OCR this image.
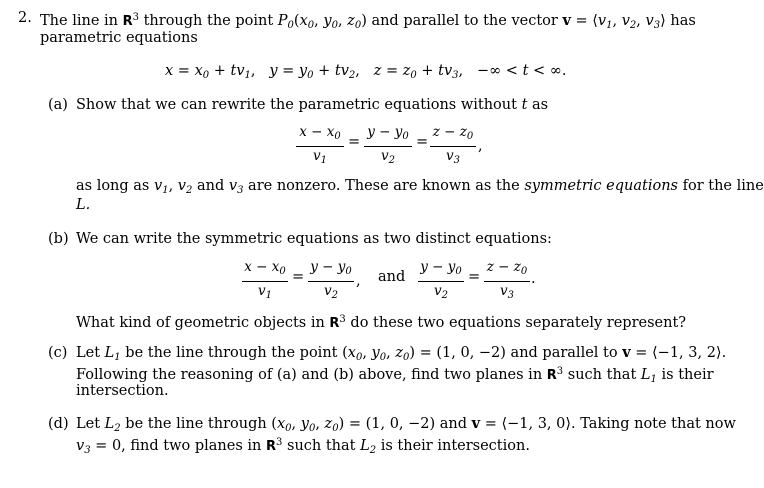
2. The line in $R^3$ through the point $P_0(x_0$, $y_0$, $z_0$) and parallel to the vector $v = ⟨v_1$, $v_2$, $v_3⟩$ has
parametric equations
$x = x_0 + tv_1$,   $y = y_0 + tv_2$,   $z = z_0 + tv_3$,   −∞ < t < ∞.
(a) Show that we can rewrite the parametric equations without t as
$\frac{x - x_0}{v_1} = \frac{y - y_0}{v_2} = \frac{z - z_0}{v_3}$ ,
as long as $v_1$, $v_2$ and $v_3$ are nonzero. These are known as the symmetric equations for the line
L.
(b) We can write the symmetric equations as two distinct equations:
$\frac{x - x_0}{v_1} = \frac{y - y_0}{v_2}$ , and $\frac{y - y_0}{v_2} = \frac{z - z_0}{v_3}$ .
What kind of geometric objects in $R^3$ do these two equations separately represent?
(c) Let $L_1$ be the line through the point ($x_0$, $y_0$, $z_0) = (1$, 0, −2) and parallel to v = ⟨−1, 3, 2⟩.
Following the reasoning of (a) and (b) above, find two planes in $R^3$ such that $L_1$ is their
intersection.
(d) Let $L_2$ be the line through ($x_0$, $y_0$, $z_0) = (1$, 0, −2) and v = ⟨−1, 3, 0⟩. Taking note that now
$v_3 = 0$, find two planes in $R^3$ such that $L_2$ is their intersection.
